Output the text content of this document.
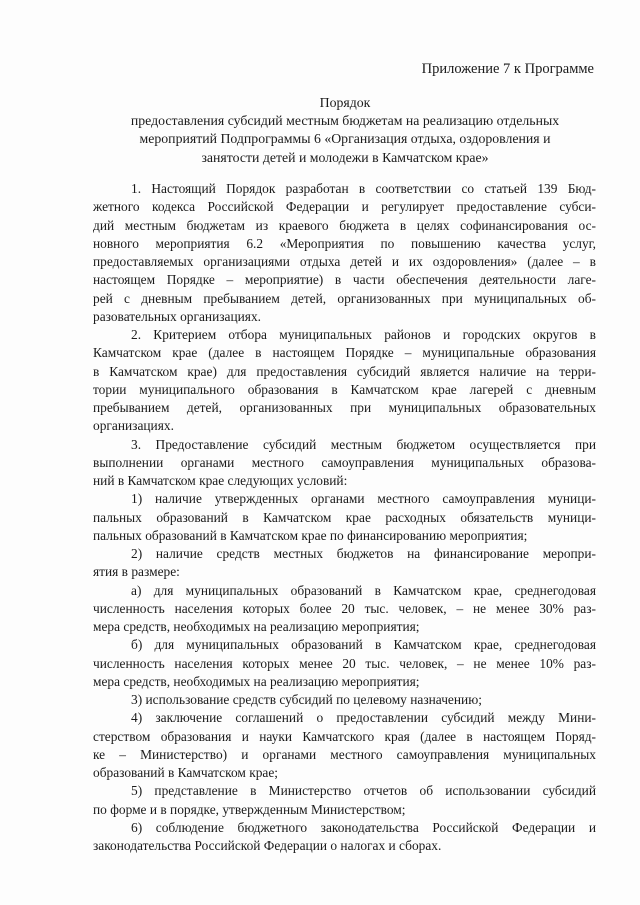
Приложение 7 к Программе
Порядок
предоставления субсидий местным бюджетам на реализацию отдельных
мероприятий Подпрограммы 6 «Организация отдыха, оздоровления и
занятости детей и молодежи в Камчатском крае»

1. Настоящий Порядок разработан в соответствии со статьей 139 Бюд-

жетного кодекса Российской Федерации и регулирует предоставление субси-

дий местным бюджетам из краевого бюджета в целях софинансирования ос-

новного мероприятия 6.2 «Мероприятия по повышению качества услуг,

предоставляемых организациями отдыха детей и их оздоровления» (далее – в

настоящем Порядке – мероприятие) в части обеспечения деятельности лаге-

рей с дневным пребыванием детей, организованных при муниципальных об-

разовательных организациях.

2. Критерием отбора муниципальных районов и городских округов в

Камчатском крае (далее в настоящем Порядке – муниципальные образования

в Камчатском крае) для предоставления субсидий является наличие на терри-

тории муниципального образования в Камчатском крае лагерей с дневным

пребыванием детей, организованных при муниципальных образовательных

организациях.

3. Предоставление субсидий местным бюджетом осуществляется при

выполнении органами местного самоуправления муниципальных образова-

ний в Камчатском крае следующих условий:

1) наличие утвержденных органами местного самоуправления муници-

пальных образований в Камчатском крае расходных обязательств муници-

пальных образований в Камчатском крае по финансированию мероприятия;

2) наличие средств местных бюджетов на финансирование меропри-

ятия в размере:

а) для муниципальных образований в Камчатском крае, среднегодовая

численность населения которых более 20 тыс. человек, – не менее 30% раз-

мера средств, необходимых на реализацию мероприятия;

б) для муниципальных образований в Камчатском крае, среднегодовая

численность населения которых менее 20 тыс. человек, – не менее 10% раз-

мера средств, необходимых на реализацию мероприятия;

3) использование средств субсидий по целевому назначению;

4) заключение соглашений о предоставлении субсидий между Мини-

стерством образования и науки Камчатского края (далее в настоящем Поряд-

ке – Министерство) и органами местного самоуправления муниципальных

образований в Камчатском крае;

5) представление в Министерство отчетов об использовании субсидий

по форме и в порядке, утвержденным Министерством;

6) соблюдение бюджетного законодательства Российской Федерации и

законодательства Российской Федерации о налогах и сборах.
